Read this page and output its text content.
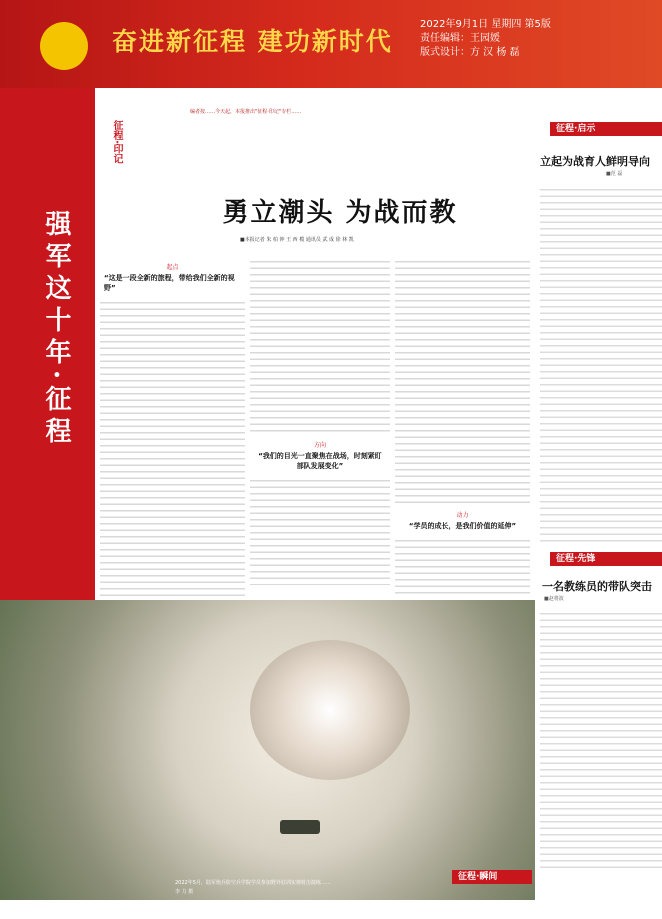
奋进新征程 建功新时代
2022年9月1日 星期四 第5版
责任编辑：王园媛
版式设计：方 汉 杨 磊
征程·印记
强军这十年·征程
编者按……今天起，本报推出"征程·印记"专栏……
勇立潮头 为战而教
■本报记者 朱 柏 钟 王 西 模 通讯员 武 成 徐 林 凯
起点
“这是一段全新的旅程，带给我们全新的视野”
方向
“我们的目光一直聚焦在战场，时刻紧盯部队发展变化”
动力
“学员的成长，是我们价值的延伸”
2022年5月，陆军炮兵防空兵学院学员参加野外驻训实弹射击演练……
李 力 摄
征程·启示
立起为战育人鲜明导向
■范 磊
征程·先锋
一名教练员的带队突击
■赵将波
征程·瞬间
